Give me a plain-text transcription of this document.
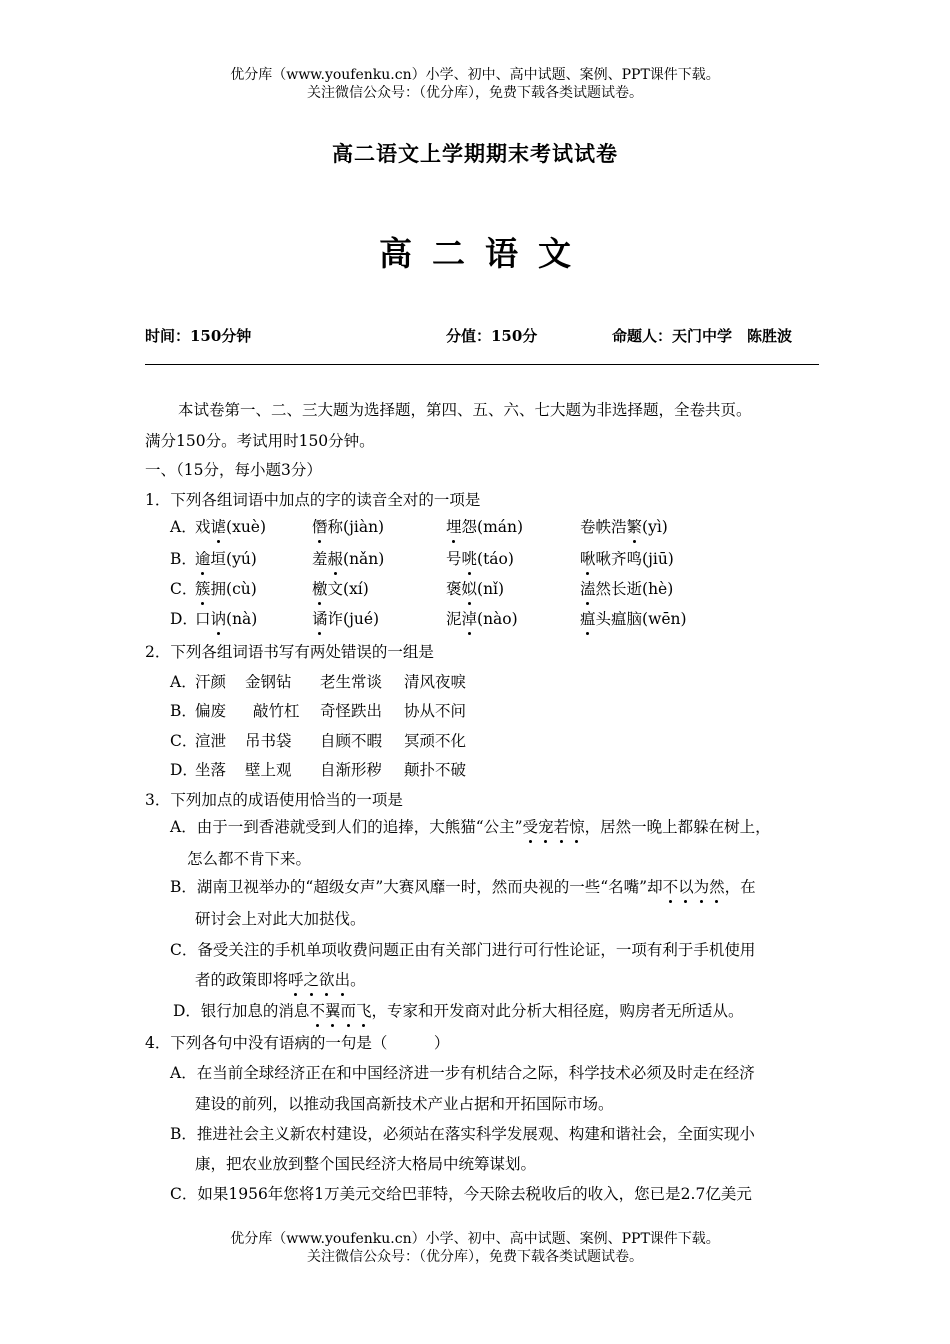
优分库（www.youfenku.cn）小学、初中、高中试题、案例、PPT课件下载。
关注微信公众号：（优分库），免费下载各类试题试卷。
高二语文上学期期末考试试卷
高二语文
时间：150分钟	分值：150分	命题人：天门中学　陈胜波
本试卷第一、二、三大题为选择题，第四、五、六、七大题为非选择题，全卷共页。
满分150分。考试用时150分钟。
一、（15分，每小题3分）
1．下列各组词语中加点的字的读音全对的一项是
A．
戏谑(xuè)	僭称(jiàn)	埋怨(mán)	卷帙浩繁(yì)
B．
逾垣(yú)	羞赧(nǎn)	号咷(táo)	啾啾齐鸣(jiū)
C．
簇拥(cù)	檄文(xí)	褒姒(nǐ)	溘然长逝(hè)
D．
口讷(nà)	谲诈(jué)	泥淖(nào)	瘟头瘟脑(wēn)
2．下列各组词语书写有两处错误的一组是
A．
汗颜 金钢钻 老生常谈 清风夜唳
B．
偏废 敲竹杠 奇怪跌出 协从不问
C．
渲泄 吊书袋 自顾不暇 冥顽不化
D．
坐落 壁上观 自渐形秽 颠扑不破
3．下列加点的成语使用恰当的一项是
A．由于一到香港就受到人们的追捧，大熊猫“公主”受宠若惊，居然一晚上都躲在树上，
怎么都不肯下来。
B．湖南卫视举办的“超级女声”大赛风靡一时，然而央视的一些“名嘴”却不以为然，在
研讨会上对此大加挞伐。
C．备受关注的手机单项收费问题正由有关部门进行可行性论证，一项有利于手机使用
者的政策即将呼之欲出。
D．银行加息的消息不翼而飞，专家和开发商对此分析大相径庭，购房者无所适从。
4．下列各句中没有语病的一句是（　　　）
A．在当前全球经济正在和中国经济进一步有机结合之际，科学技术必须及时走在经济
建设的前列，以推动我国高新技术产业占据和开拓国际市场。
B．推进社会主义新农村建设，必须站在落实科学发展观、构建和谐社会，全面实现小
康，把农业放到整个国民经济大格局中统筹谋划。
C．如果1956年您将1万美元交给巴菲特，今天除去税收后的收入，您已是2.7亿美元
优分库（www.youfenku.cn）小学、初中、高中试题、案例、PPT课件下载。
关注微信公众号：（优分库），免费下载各类试题试卷。
